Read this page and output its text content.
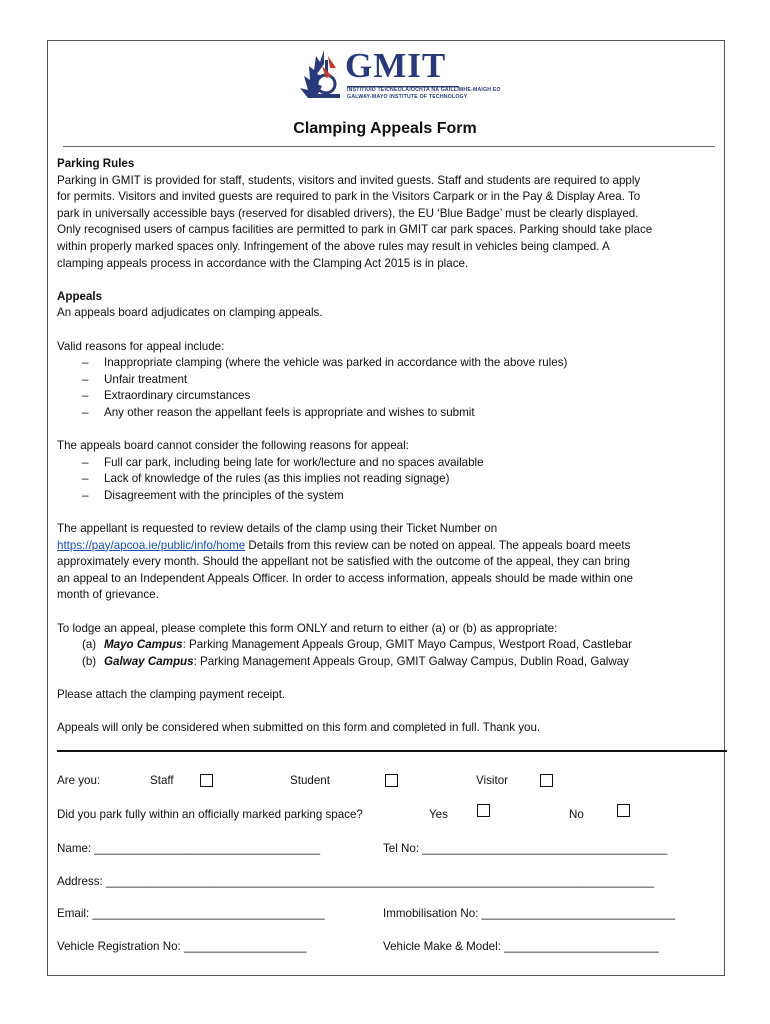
GMIT
INSTITIÚID TEICNEOLAÍOCHTA NA GAILLIMHE-MAIGH EO
GALWAY-MAYO INSTITUTE OF TECHNOLOGY
Clamping Appeals Form

Parking Rules

Parking in GMIT is provided for staff, students, visitors and invited guests. Staff and students are required to apply

for permits. Visitors and invited guests are required to park in the Visitors Carpark or in the Pay & Display Area. To

park in universally accessible bays (reserved for disabled drivers), the EU ‘Blue Badge’ must be clearly displayed.

Only recognised users of campus facilities are permitted to park in GMIT car park spaces. Parking should take place

within properly marked spaces only. Infringement of the above rules may result in vehicles being clamped. A

clamping appeals process in accordance with the Clamping Act 2015 is in place.

Appeals

An appeals board adjudicates on clamping appeals.

Valid reasons for appeal include:

– Inappropriate clamping (where the vehicle was parked in accordance with the above rules)
– Unfair treatment
– Extraordinary circumstances
– Any other reason the appellant feels is appropriate and wishes to submit

The appeals board cannot consider the following reasons for appeal:

– Full car park, including being late for work/lecture and no spaces available
– Lack of knowledge of the rules (as this implies not reading signage)
– Disagreement with the principles of the system

The appellant is requested to review details of the clamp using their Ticket Number on

https://pay/apcoa.ie/public/info/home Details from this review can be noted on appeal. The appeals board meets

approximately every month. Should the appellant not be satisfied with the outcome of the appeal, they can bring

an appeal to an Independent Appeals Officer. In order to access information, appeals should be made within one

month of grievance.

To lodge an appeal, please complete this form ONLY and return to either (a) or (b) as appropriate:

(a) Mayo Campus: Parking Management Appeals Group, GMIT Mayo Campus, Westport Road, Castlebar
(b) Galway Campus: Parking Management Appeals Group, GMIT Galway Campus, Dublin Road, Galway

Please attach the clamping payment receipt.

Appeals will only be considered when submitted on this form and completed in full. Thank you.

Are you:	Staff	Student	Visitor
Did you park fully within an officially marked parking space?	Yes	No
Name: ___________________________________	Tel No: ______________________________________
Address: _____________________________________________________________________________________
Email: ____________________________________	Immobilisation No: ______________________________
Vehicle Registration No: ___________________	Vehicle Make & Model: ________________________
